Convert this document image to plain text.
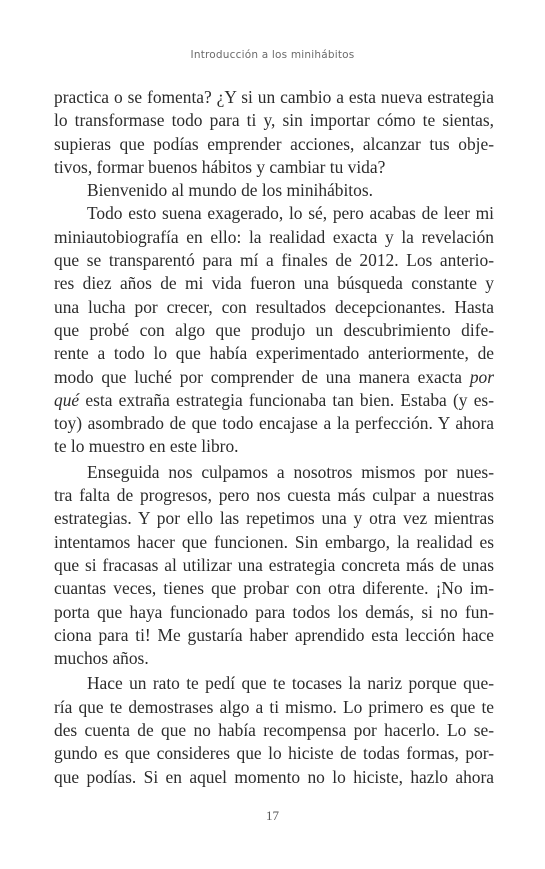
Introducción a los minihábitos
practica o se fomenta? ¿Y si un cambio a esta nueva estrategia
lo transformase todo para ti y, sin importar cómo te sientas,
supieras que podías emprender acciones, alcanzar tus obje-
tivos, formar buenos hábitos y cambiar tu vida?
Bienvenido al mundo de los minihábitos.
Todo esto suena exagerado, lo sé, pero acabas de leer mi
miniautobiografía en ello: la realidad exacta y la revelación
que se transparentó para mí a finales de 2012. Los anterio-
res diez años de mi vida fueron una búsqueda constante y
una lucha por crecer, con resultados decepcionantes. Hasta
que probé con algo que produjo un descubrimiento dife-
rente a todo lo que había experimentado anteriormente, de
modo que luché por comprender de una manera exacta por
qué esta extraña estrategia funcionaba tan bien. Estaba (y es-
toy) asombrado de que todo encajase a la perfección. Y ahora
te lo muestro en este libro.
Enseguida nos culpamos a nosotros mismos por nues-
tra falta de progresos, pero nos cuesta más culpar a nuestras
estrategias. Y por ello las repetimos una y otra vez mientras
intentamos hacer que funcionen. Sin embargo, la realidad es
que si fracasas al utilizar una estrategia concreta más de unas
cuantas veces, tienes que probar con otra diferente. ¡No im-
porta que haya funcionado para todos los demás, si no fun-
ciona para ti! Me gustaría haber aprendido esta lección hace
muchos años.
Hace un rato te pedí que te tocases la nariz porque que-
ría que te demostrases algo a ti mismo. Lo primero es que te
des cuenta de que no había recompensa por hacerlo. Lo se-
gundo es que consideres que lo hiciste de todas formas, por-
que podías. Si en aquel momento no lo hiciste, hazlo ahora
17
